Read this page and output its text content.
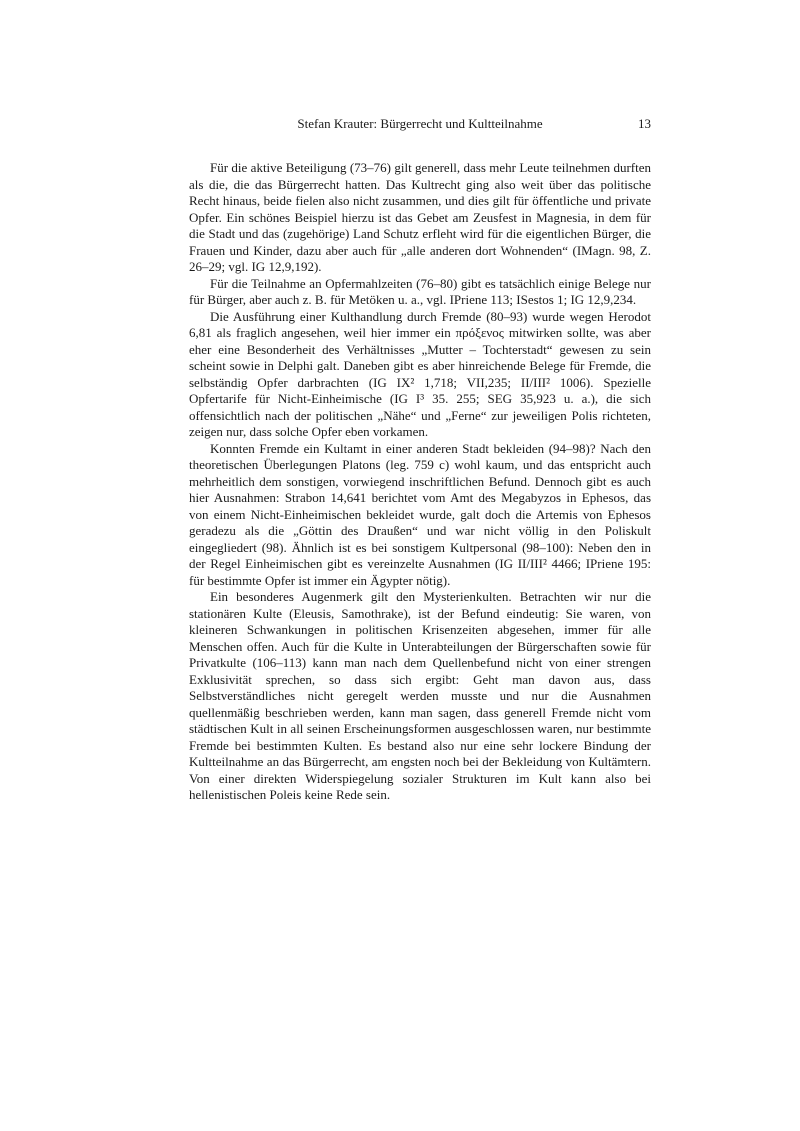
Stefan Krauter: Bürgerrecht und Kultteilnahme	13

Für die aktive Beteiligung (73–76) gilt generell, dass mehr Leute teilnehmen durften als die, die das Bürgerrecht hatten. Das Kultrecht ging also weit über das politische Recht hinaus, beide fielen also nicht zusammen, und dies gilt für öffentliche und private Opfer. Ein schönes Beispiel hierzu ist das Gebet am Zeusfest in Magnesia, in dem für die Stadt und das (zugehörige) Land Schutz erfleht wird für die eigentlichen Bürger, die Frauen und Kinder, dazu aber auch für „alle anderen dort Wohnenden“ (IMagn. 98, Z. 26–29; vgl. IG 12,9,192).

Für die Teilnahme an Opfermahlzeiten (76–80) gibt es tatsächlich einige Belege nur für Bürger, aber auch z. B. für Metöken u. a., vgl. IPriene 113; ISestos 1; IG 12,9,234.

Die Ausführung einer Kulthandlung durch Fremde (80–93) wurde wegen Herodot 6,81 als fraglich angesehen, weil hier immer ein πρόξενος mitwirken sollte, was aber eher eine Besonderheit des Verhältnisses „Mutter – Tochterstadt“ gewesen zu sein scheint sowie in Delphi galt. Daneben gibt es aber hinreichende Belege für Fremde, die selbständig Opfer darbrachten (IG IX² 1,718; VII,235; II/III² 1006). Spezielle Opfertarife für Nicht-Einheimische (IG I³ 35. 255; SEG 35,923 u. a.), die sich offensichtlich nach der politischen „Nähe“ und „Ferne“ zur jeweiligen Polis richteten, zeigen nur, dass solche Opfer eben vorkamen.

Konnten Fremde ein Kultamt in einer anderen Stadt bekleiden (94–98)? Nach den theoretischen Überlegungen Platons (leg. 759 c) wohl kaum, und das entspricht auch mehrheitlich dem sonstigen, vorwiegend inschriftlichen Befund. Dennoch gibt es auch hier Ausnahmen: Strabon 14,641 berichtet vom Amt des Megabyzos in Ephesos, das von einem Nicht-Einheimischen bekleidet wurde, galt doch die Artemis von Ephesos geradezu als die „Göttin des Draußen“ und war nicht völlig in den Poliskult eingegliedert (98). Ähnlich ist es bei sonstigem Kultpersonal (98–100): Neben den in der Regel Einheimischen gibt es vereinzelte Ausnahmen (IG II/III² 4466; IPriene 195: für bestimmte Opfer ist immer ein Ägypter nötig).

Ein besonderes Augenmerk gilt den Mysterienkulten. Betrachten wir nur die stationären Kulte (Eleusis, Samothrake), ist der Befund eindeutig: Sie waren, von kleineren Schwankungen in politischen Krisenzeiten abgesehen, immer für alle Menschen offen. Auch für die Kulte in Unterabteilungen der Bürgerschaften sowie für Privatkulte (106–113) kann man nach dem Quellenbefund nicht von einer strengen Exklusivität sprechen, so dass sich ergibt: Geht man davon aus, dass Selbstverständliches nicht geregelt werden musste und nur die Ausnahmen quellenmäßig beschrieben werden, kann man sagen, dass generell Fremde nicht vom städtischen Kult in all seinen Erscheinungsformen ausgeschlossen waren, nur bestimmte Fremde bei bestimmten Kulten. Es bestand also nur eine sehr lockere Bindung der Kultteilnahme an das Bürgerrecht, am engsten noch bei der Bekleidung von Kultämtern. Von einer direkten Widerspiegelung sozialer Strukturen im Kult kann also bei hellenistischen Poleis keine Rede sein.
